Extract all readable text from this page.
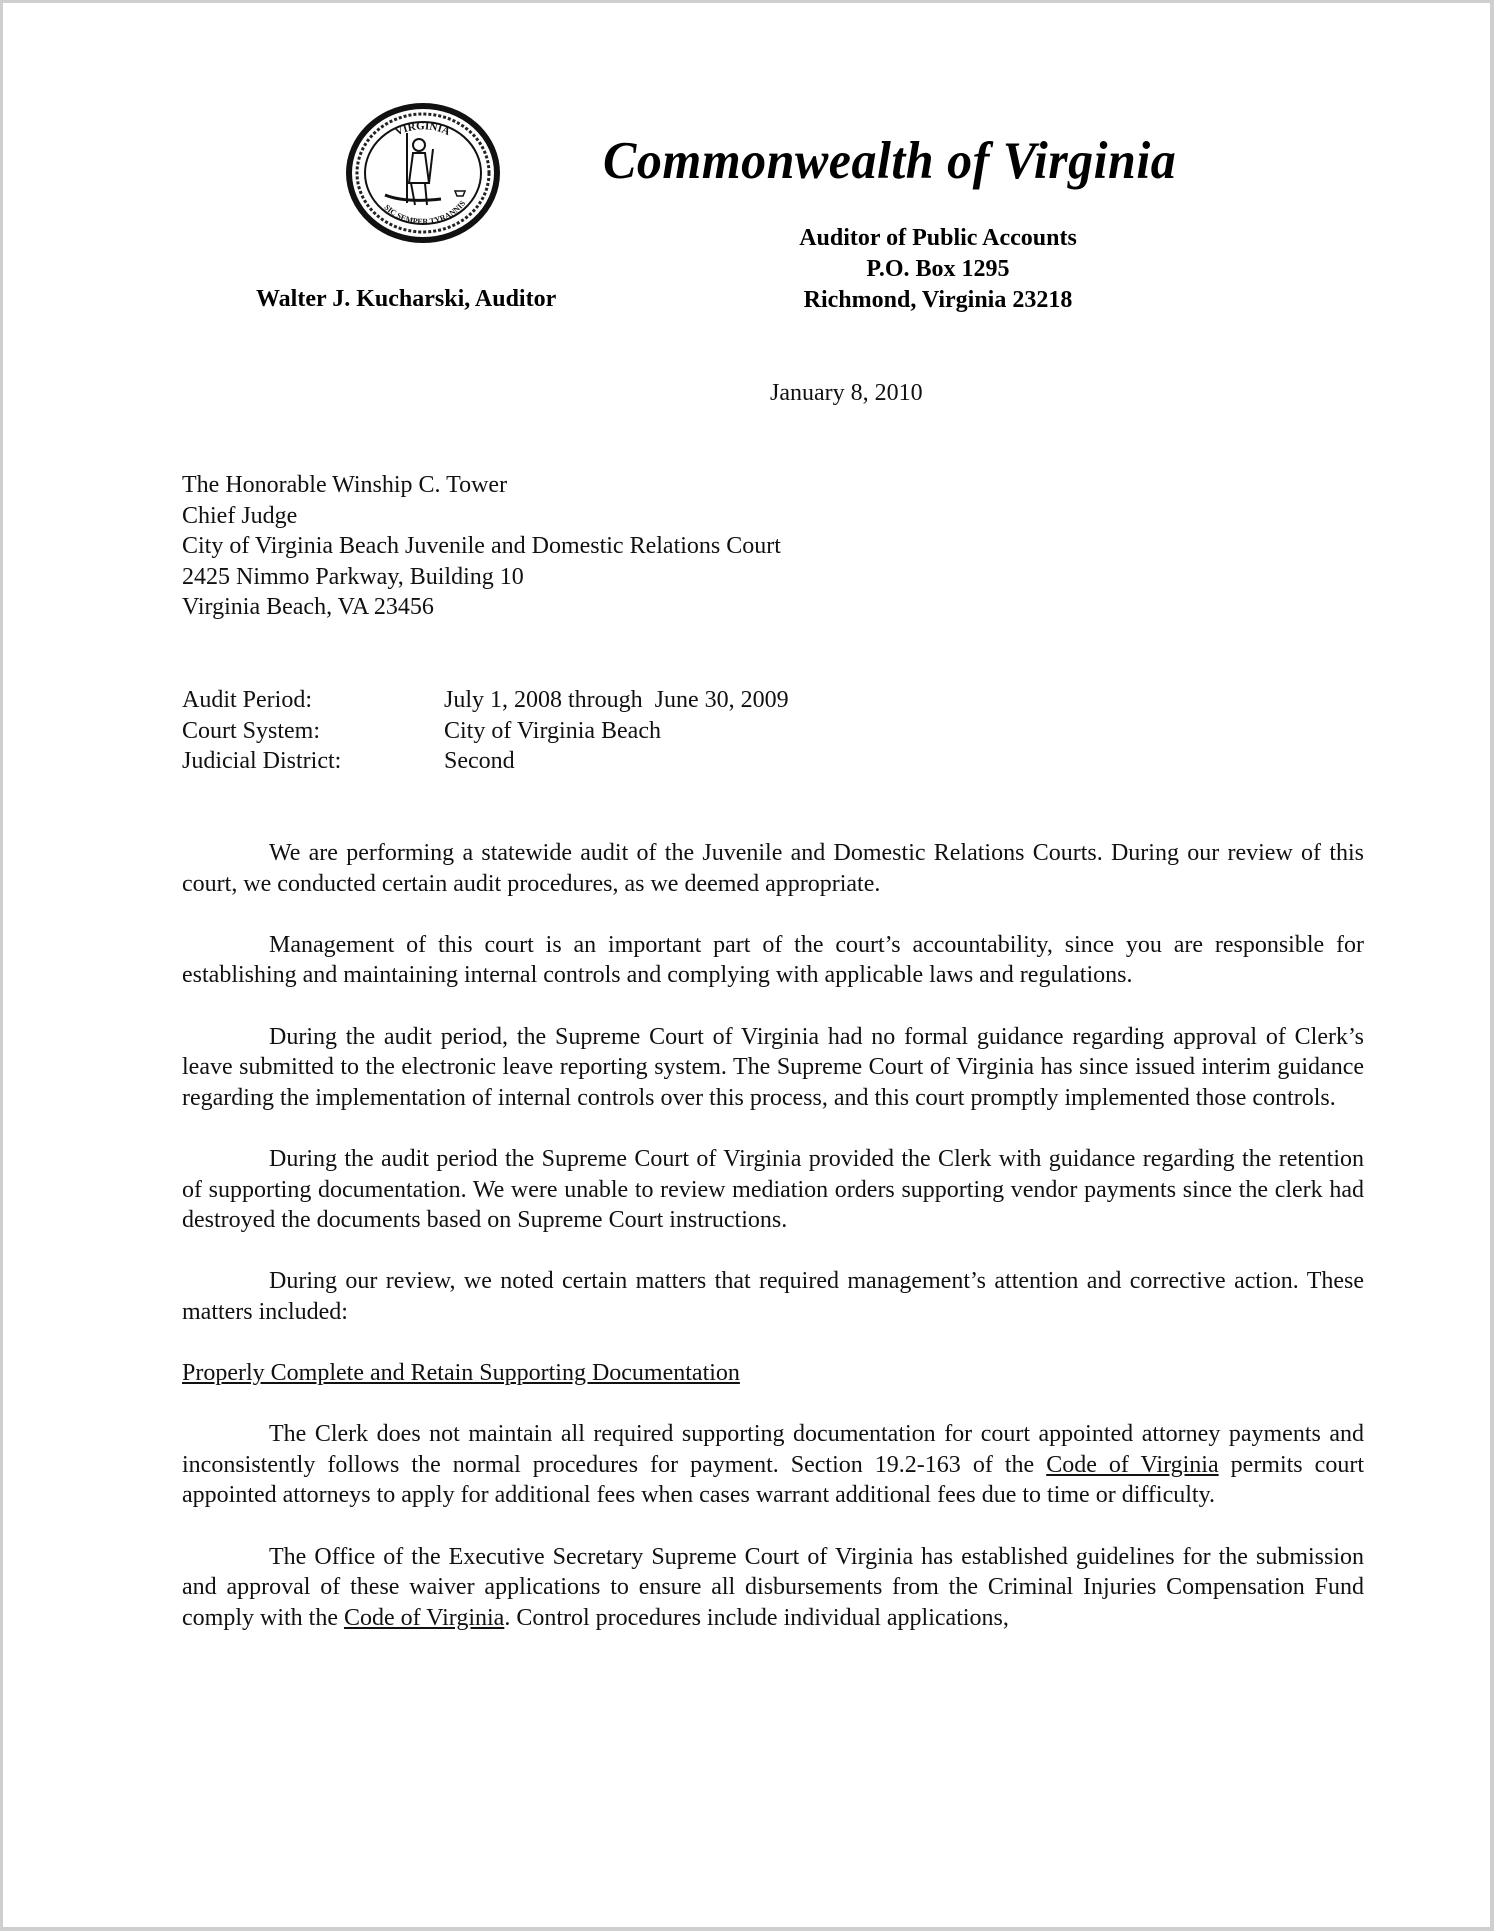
VIRGINIA
SIC SEMPER TYRANNIS
Commonwealth of Virginia
Auditor of Public Accounts
P.O. Box 1295
Richmond, Virginia 23218
Walter J. Kucharski, Auditor
January 8, 2010
The Honorable Winship C. Tower
Chief Judge
City of Virginia Beach Juvenile and Domestic Relations Court
2425 Nimmo Parkway, Building 10
Virginia Beach, VA 23456
Audit Period:	July 1, 2008 through  June 30, 2009
Court System:	City of Virginia Beach
Judicial District:	Second

We are performing a statewide audit of the Juvenile and Domestic Relations Courts. During our review of this court, we conducted certain audit procedures, as we deemed appropriate.

Management of this court is an important part of the court’s accountability, since you are responsible for establishing and maintaining internal controls and complying with applicable laws and regulations.

During the audit period, the Supreme Court of Virginia had no formal guidance regarding approval of Clerk’s leave submitted to the electronic leave reporting system. The Supreme Court of Virginia has since issued interim guidance regarding the implementation of internal controls over this process, and this court promptly implemented those controls.

During the audit period the Supreme Court of Virginia provided the Clerk with guidance regarding the retention of supporting documentation. We were unable to review mediation orders supporting vendor payments since the clerk had destroyed the documents based on Supreme Court instructions.

During our review, we noted certain matters that required management’s attention and corrective action. These matters included:

Properly Complete and Retain Supporting Documentation

The Clerk does not maintain all required supporting documentation for court appointed attorney payments and inconsistently follows the normal procedures for payment. Section 19.2-163 of the Code of Virginia permits court appointed attorneys to apply for additional fees when cases warrant additional fees due to time or difficulty.

The Office of the Executive Secretary Supreme Court of Virginia has established guidelines for the submission and approval of these waiver applications to ensure all disbursements from the Criminal Injuries Compensation Fund comply with the Code of Virginia. Control procedures include individual applications,
